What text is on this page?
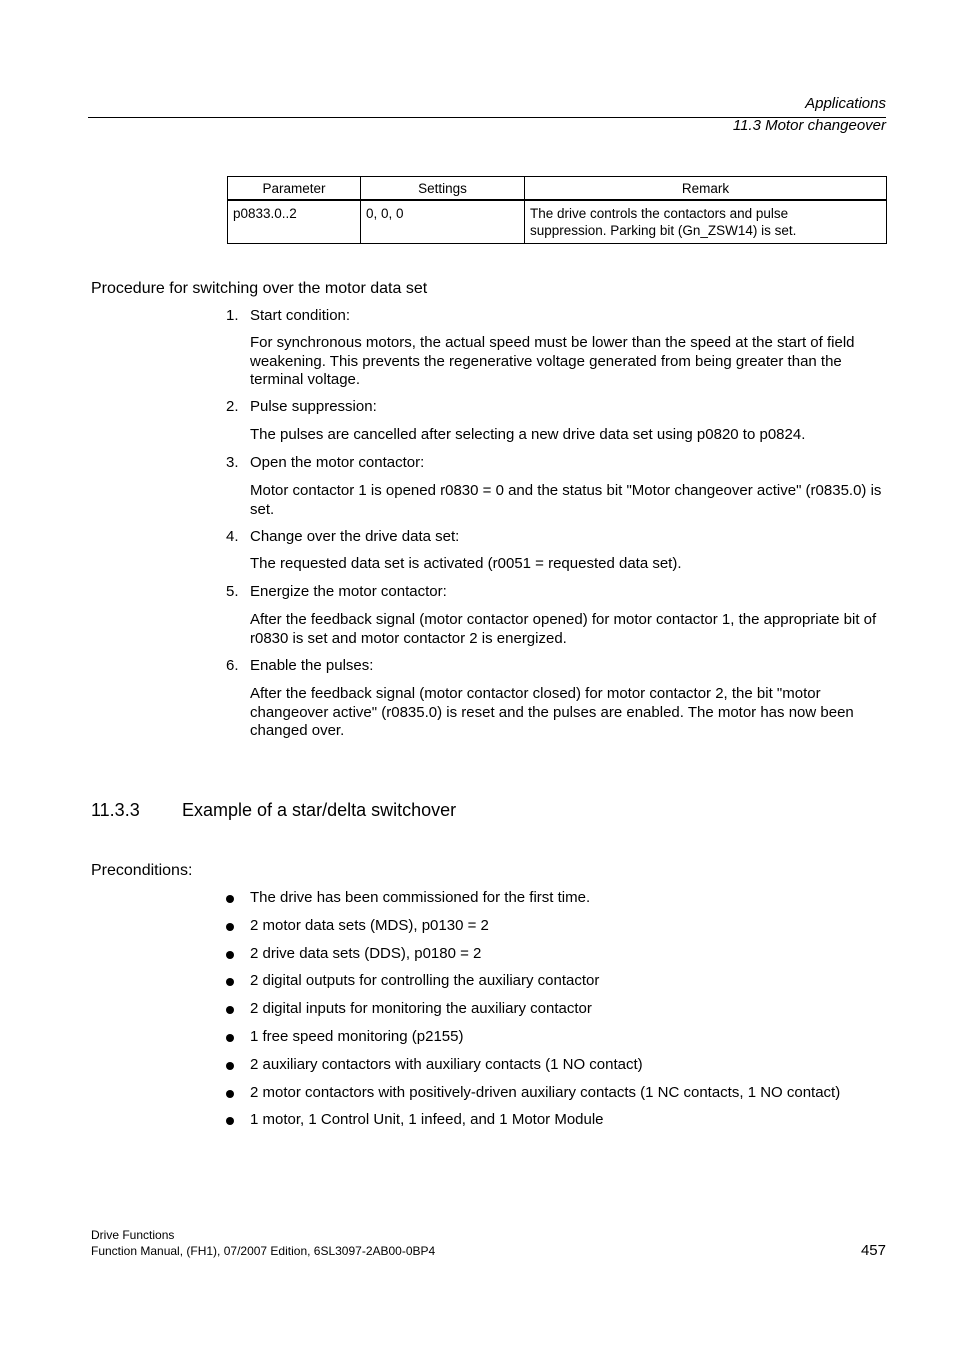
Applications
11.3 Motor changeover
Parameter	Settings	Remark
p0833.0..2	0, 0, 0	The drive controls the contactors and pulse
suppression. Parking bit (Gn_ZSW14) is set.
Procedure for switching over the motor data set
1. Start condition:
For synchronous motors, the actual speed must be lower than the speed at the start of field weakening. This prevents the regenerative voltage generated from being greater than the terminal voltage.
2. Pulse suppression:
The pulses are cancelled after selecting a new drive data set using p0820 to p0824.
3. Open the motor contactor:
Motor contactor 1 is opened r0830 = 0 and the status bit "Motor changeover active" (r0835.0) is set.
4. Change over the drive data set:
The requested data set is activated (r0051 = requested data set).
5. Energize the motor contactor:
After the feedback signal (motor contactor opened) for motor contactor 1, the appropriate bit of r0830 is set and motor contactor 2 is energized.
6. Enable the pulses:
After the feedback signal (motor contactor closed) for motor contactor 2, the bit "motor changeover active" (r0835.0) is reset and the pulses are enabled. The motor has now been changed over.
11.3.3 Example of a star/delta switchover
Preconditions:
The drive has been commissioned for the first time.
2 motor data sets (MDS), p0130 = 2
2 drive data sets (DDS), p0180 = 2
2 digital outputs for controlling the auxiliary contactor
2 digital inputs for monitoring the auxiliary contactor
1 free speed monitoring (p2155)
2 auxiliary contactors with auxiliary contacts (1 NO contact)
2 motor contactors with positively-driven auxiliary contacts (1 NC contacts, 1 NO contact)
1 motor, 1 Control Unit, 1 infeed, and 1 Motor Module
Drive Functions
Function Manual, (FH1), 07/2007 Edition, 6SL3097-2AB00-0BP4	457
